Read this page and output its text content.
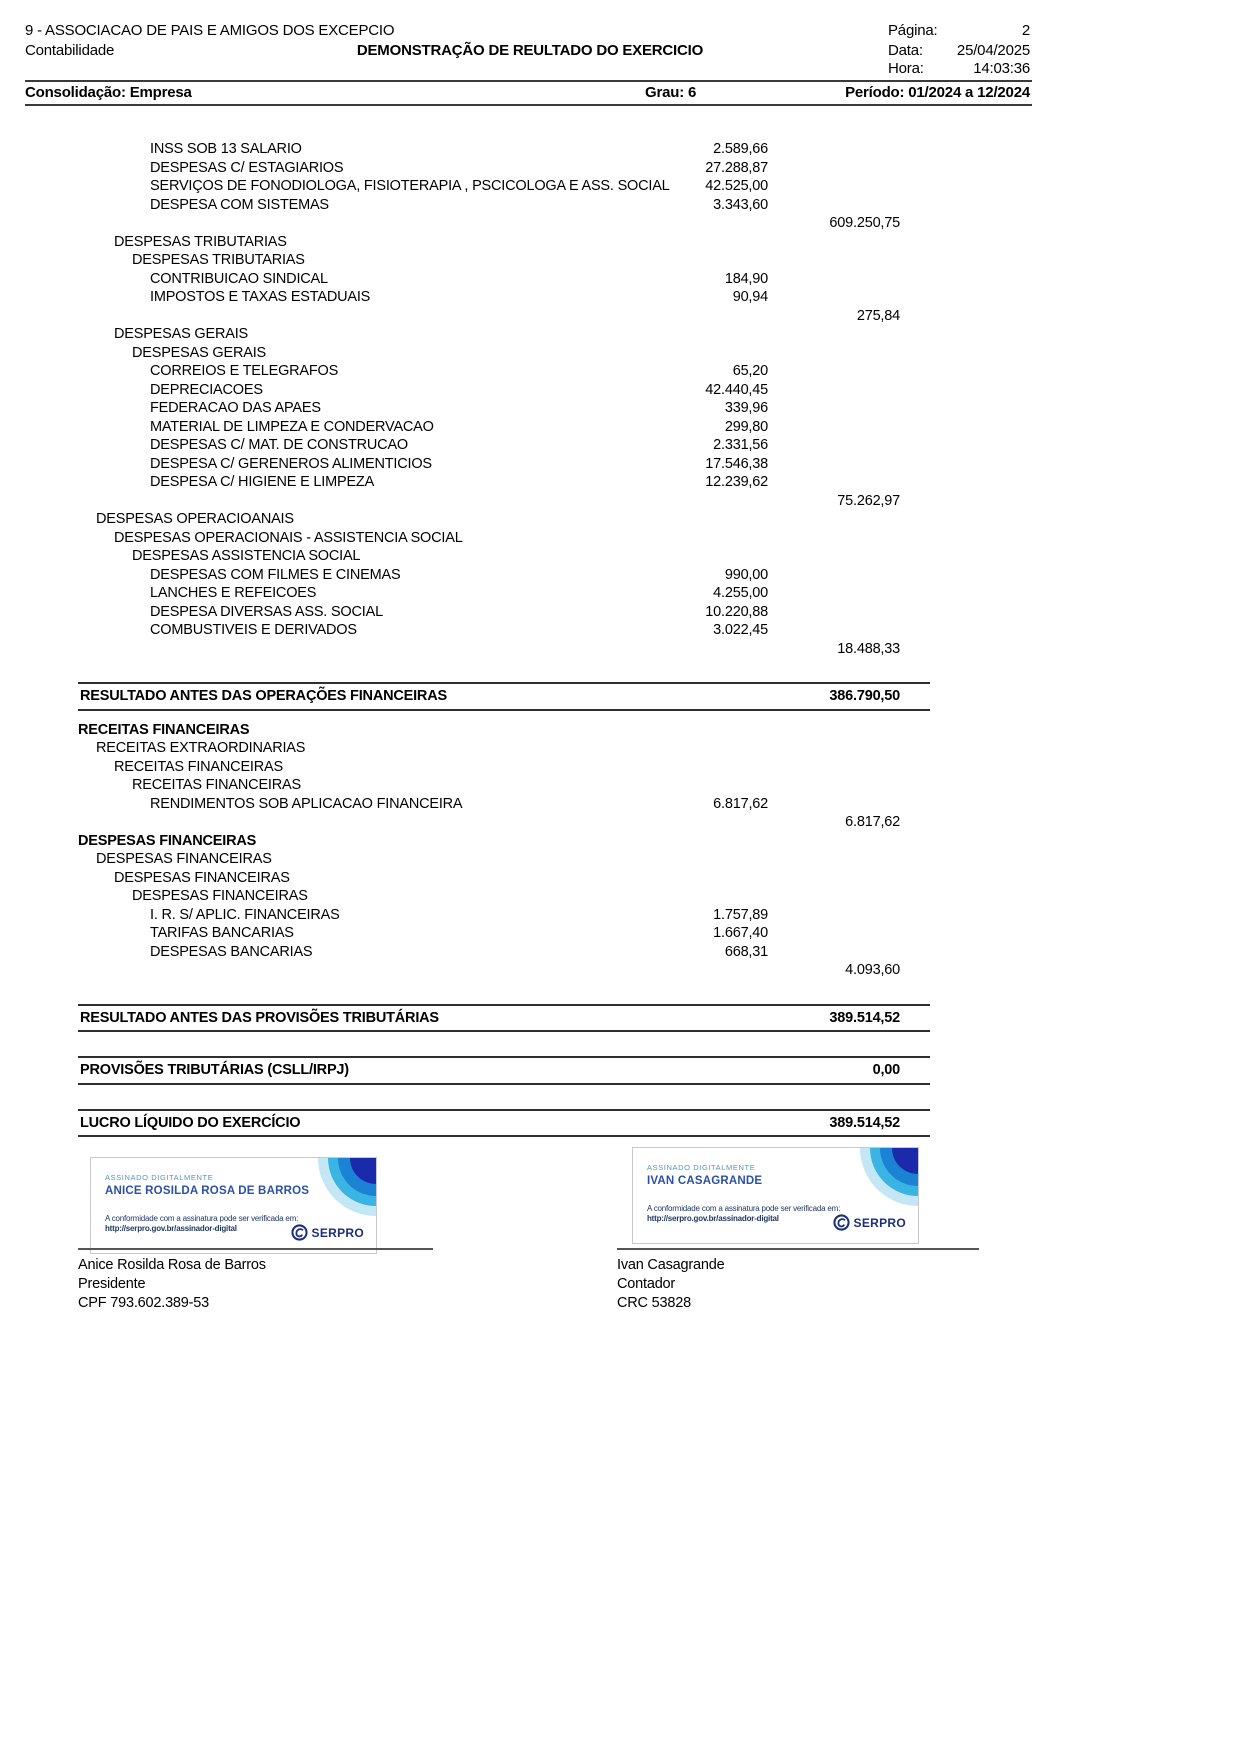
9 - ASSOCIACAO DE PAIS E AMIGOS DOS EXCEPCIO
Contabilidade	DEMONSTRAÇÃO DE REULTADO DO EXERCICIO
Página:	2
Data: 25/04/2025
Hora:	14:03:36
Consolidação: Empresa	Grau: 6	Período: 01/2024 a 12/2024
INSS SOB 13 SALARIO	2.589,66
DESPESAS C/ ESTAGIARIOS	27.288,87
SERVIÇOS DE FONODIOLOGA, FISIOTERAPIA , PSCICOLOGA E ASS. SOCIAL 42.525,00
DESPESA COM SISTEMAS	3.343,60
609.250,75
DESPESAS TRIBUTARIAS
DESPESAS TRIBUTARIAS
CONTRIBUICAO SINDICAL	184,90
IMPOSTOS E TAXAS ESTADUAIS	90,94
275,84
DESPESAS GERAIS
DESPESAS GERAIS
CORREIOS E TELEGRAFOS	65,20
DEPRECIACOES	42.440,45
FEDERACAO DAS APAES	339,96
MATERIAL DE LIMPEZA E CONDERVACAO	299,80
DESPESAS C/ MAT. DE CONSTRUCAO	2.331,56
DESPESA C/ GERENEROS ALIMENTICIOS	17.546,38
DESPESA C/ HIGIENE E LIMPEZA	12.239,62
75.262,97
DESPESAS OPERACIOANAIS
DESPESAS OPERACIONAIS - ASSISTENCIA SOCIAL
DESPESAS ASSISTENCIA SOCIAL
DESPESAS COM FILMES E CINEMAS	990,00
LANCHES E REFEICOES	4.255,00
DESPESA DIVERSAS ASS. SOCIAL	10.220,88
COMBUSTIVEIS E DERIVADOS	3.022,45
18.488,33
RESULTADO ANTES DAS OPERAÇÕES FINANCEIRAS	386.790,50
RECEITAS FINANCEIRAS
RECEITAS EXTRAORDINARIAS
RECEITAS FINANCEIRAS
RECEITAS FINANCEIRAS
RENDIMENTOS SOB APLICACAO FINANCEIRA	6.817,62
6.817,62
DESPESAS FINANCEIRAS
DESPESAS FINANCEIRAS
DESPESAS FINANCEIRAS
DESPESAS FINANCEIRAS
I. R. S/ APLIC. FINANCEIRAS	1.757,89
TARIFAS BANCARIAS	1.667,40
DESPESAS BANCARIAS	668,31
4.093,60
RESULTADO ANTES DAS PROVISÕES TRIBUTÁRIAS	389.514,52
PROVISÕES TRIBUTÁRIAS (CSLL/IRPJ)	0,00
LUCRO LÍQUIDO DO EXERCÍCIO	389.514,52
ASSINADO DIGITALMENTE
ANICE ROSILDA ROSA DE BARROS
A conformidade com a assinatura pode ser verificada em:
http://serpro.gov.br/assinador-digital	SERPRO
ASSINADO DIGITALMENTE
IVAN CASAGRANDE
A conformidade com a assinatura pode ser verificada em:
http://serpro.gov.br/assinador-digital	SERPRO
Anice Rosilda Rosa de Barros
Presidente
CPF 793.602.389-53
Ivan Casagrande
Contador
CRC 53828
